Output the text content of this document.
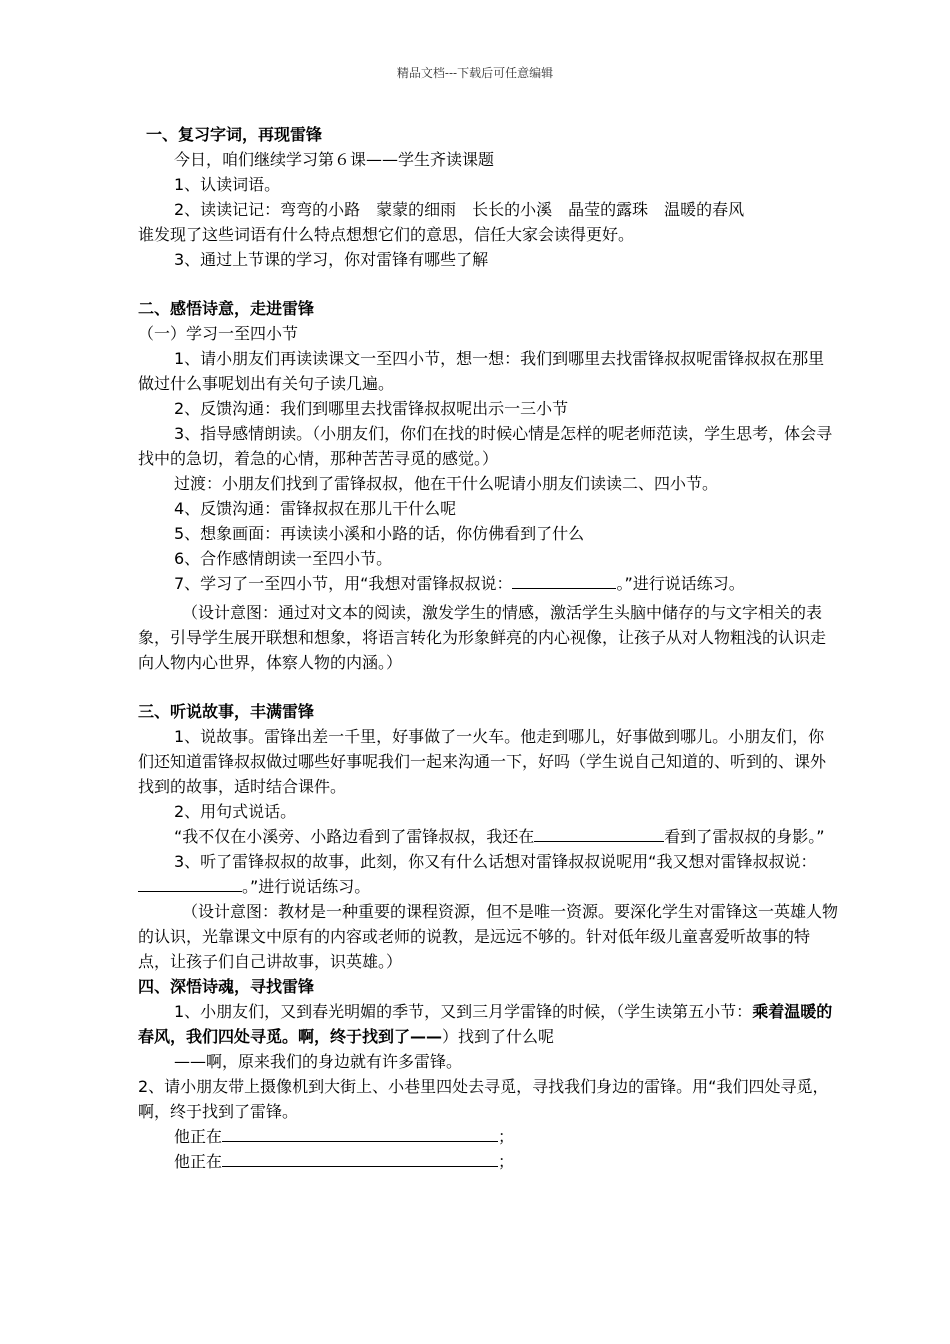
精品文档---下载后可任意编辑

一、复习字词，再现雷锋

今日，咱们继续学习第６课——学生齐读课题

1、认读词语。

2、读读记记：弯弯的小路　蒙蒙的细雨　长长的小溪　晶莹的露珠　温暖的春风

谁发现了这些词语有什么特点想想它们的意思，信任大家会读得更好。

3、通过上节课的学习，你对雷锋有哪些了解

二、感悟诗意，走进雷锋

（一）学习一至四小节

1、请小朋友们再读读课文一至四小节，想一想：我们到哪里去找雷锋叔叔呢雷锋叔叔在那里做过什么事呢划出有关句子读几遍。

2、反馈沟通：我们到哪里去找雷锋叔叔呢出示一三小节

3、指导感情朗读。（小朋友们，你们在找的时候心情是怎样的呢老师范读，学生思考，体会寻找中的急切，着急的心情，那种苦苦寻觅的感觉。）

过渡：小朋友们找到了雷锋叔叔，他在干什么呢请小朋友们读读二、四小节。

4、反馈沟通：雷锋叔叔在那儿干什么呢

5、想象画面：再读读小溪和小路的话，你仿佛看到了什么

6、合作感情朗读一至四小节。

7、学习了一至四小节，用“我想对雷锋叔叔说：	。”进行说话练习。

（设计意图：通过对文本的阅读，激发学生的情感，激活学生头脑中储存的与文字相关的表象，引导学生展开联想和想象，将语言转化为形象鲜亮的内心视像，让孩子从对人物粗浅的认识走向人物内心世界，体察人物的内涵。）

三、听说故事，丰满雷锋

1、说故事。雷锋出差一千里，好事做了一火车。他走到哪儿，好事做到哪儿。小朋友们，你们还知道雷锋叔叔做过哪些好事呢我们一起来沟通一下，好吗（学生说自己知道的、听到的、课外找到的故事，适时结合课件。

2、用句式说话。

“我不仅在小溪旁、小路边看到了雷锋叔叔，我还在	看到了雷叔叔的身影。”

3、听了雷锋叔叔的故事，此刻，你又有什么话想对雷锋叔叔说呢用“我又想对雷锋叔叔说：。”进行说话练习。

（设计意图：教材是一种重要的课程资源，但不是唯一资源。要深化学生对雷锋这一英雄人物的认识，光靠课文中原有的内容或老师的说教，是远远不够的。针对低年级儿童喜爱听故事的特点，让孩子们自己讲故事，识英雄。）

四、深悟诗魂，寻找雷锋

1、小朋友们，又到春光明媚的季节，又到三月学雷锋的时候，（学生读第五小节：乘着温暖的春风，我们四处寻觅。啊，终于找到了——）找到了什么呢

——啊，原来我们的身边就有许多雷锋。

2、请小朋友带上摄像机到大街上、小巷里四处去寻觅，寻找我们身边的雷锋。用“我们四处寻觅，啊，终于找到了雷锋。

他正在	；

他正在	；
